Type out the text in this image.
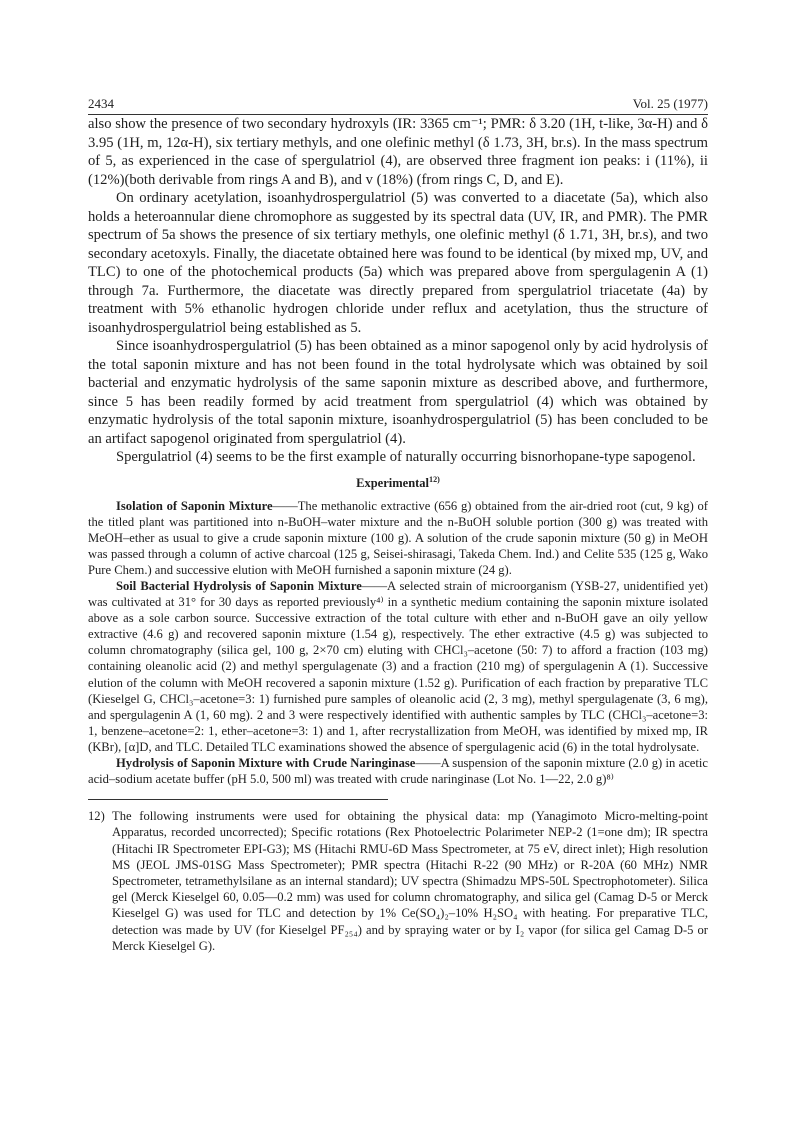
2434	Vol. 25 (1977)

also show the presence of two secondary hydroxyls (IR: 3365 cm⁻¹; PMR: δ 3.20 (1H, t-like, 3α-H) and δ 3.95 (1H, m, 12α-H), six tertiary methyls, and one olefinic methyl (δ 1.73, 3H, br.s). In the mass spectrum of 5, as experienced in the case of spergulatriol (4), are observed three fragment ion peaks: i (11%), ii (12%)(both derivable from rings A and B), and v (18%) (from rings C, D, and E).

On ordinary acetylation, isoanhydrospergulatriol (5) was converted to a diacetate (5a), which also holds a heteroannular diene chromophore as suggested by its spectral data (UV, IR, and PMR). The PMR spectrum of 5a shows the presence of six tertiary methyls, one olefinic methyl (δ 1.71, 3H, br.s), and two secondary acetoxyls. Finally, the diacetate obtained here was found to be identical (by mixed mp, UV, and TLC) to one of the photochemical products (5a) which was prepared above from spergulagenin A (1) through 7a. Furthermore, the diacetate was directly prepared from spergulatriol triacetate (4a) by treatment with 5% ethanolic hydrogen chloride under reflux and acetylation, thus the structure of isoanhydrospergulatriol being established as 5.

Since isoanhydrospergulatriol (5) has been obtained as a minor sapogenol only by acid hydrolysis of the total saponin mixture and has not been found in the total hydrolysate which was obtained by soil bacterial and enzymatic hydrolysis of the same saponin mixture as described above, and furthermore, since 5 has been readily formed by acid treatment from spergulatriol (4) which was obtained by enzymatic hydrolysis of the total saponin mixture, isoanhydrospergulatriol (5) has been concluded to be an artifact sapogenol originated from spergulatriol (4).

Spergulatriol (4) seems to be the first example of naturally occurring bisnorhopane-type sapogenol.

Experimental$^{12)}$

Isolation of Saponin Mixture——The methanolic extractive (656 g) obtained from the air-dried root (cut, 9 kg) of the titled plant was partitioned into n-BuOH–water mixture and the n-BuOH soluble portion (300 g) was treated with MeOH–ether as usual to give a crude saponin mixture (100 g). A solution of the crude saponin mixture (50 g) in MeOH was passed through a column of active charcoal (125 g, Seisei-shirasagi, Takeda Chem. Ind.) and Celite 535 (125 g, Wako Pure Chem.) and successive elution with MeOH furnished a saponin mixture (24 g).

Soil Bacterial Hydrolysis of Saponin Mixture——A selected strain of microorganism (YSB-27, unidentified yet) was cultivated at 31° for 30 days as reported previously⁴⁾ in a synthetic medium containing the saponin mixture isolated above as a sole carbon source. Successive extraction of the total culture with ether and n-BuOH gave an oily yellow extractive (4.6 g) and recovered saponin mixture (1.54 g), respectively. The ether extractive (4.5 g) was subjected to column chromatography (silica gel, 100 g, 2×70 cm) eluting with CHCl₃–acetone (50: 7) to afford a fraction (103 mg) containing oleanolic acid (2) and methyl spergulagenate (3) and a fraction (210 mg) of spergulagenin A (1). Successive elution of the column with MeOH recovered a saponin mixture (1.52 g). Purification of each fraction by preparative TLC (Kieselgel G, CHCl₃–acetone=3: 1) furnished pure samples of oleanolic acid (2, 3 mg), methyl spergulagenate (3, 6 mg), and spergulagenin A (1, 60 mg). 2 and 3 were respectively identified with authentic samples by TLC (CHCl₃–acetone=3: 1, benzene–acetone=2: 1, ether–acetone=3: 1) and 1, after recrystallization from MeOH, was identified by mixed mp, IR (KBr), [α]D, and TLC. Detailed TLC examinations showed the absence of spergulagenic acid (6) in the total hydrolysate.

Hydrolysis of Saponin Mixture with Crude Naringinase——A suspension of the saponin mixture (2.0 g) in acetic acid–sodium acetate buffer (pH 5.0, 500 ml) was treated with crude naringinase (Lot No. 1—22, 2.0 g)⁸⁾

12) The following instruments were used for obtaining the physical data: mp (Yanagimoto Micro-melting-point Apparatus, recorded uncorrected); Specific rotations (Rex Photoelectric Polarimeter NEP-2 (1=one dm); IR spectra (Hitachi IR Spectrometer EPI-G3); MS (Hitachi RMU-6D Mass Spectrometer, at 75 eV, direct inlet); High resolution MS (JEOL JMS-01SG Mass Spectrometer); PMR spectra (Hitachi R-22 (90 MHz) or R-20A (60 MHz) NMR Spectrometer, tetramethylsilane as an internal standard); UV spectra (Shimadzu MPS-50L Spectrophotometer). Silica gel (Merck Kieselgel 60, 0.05—0.2 mm) was used for column chromatography, and silica gel (Camag D-5 or Merck Kieselgel G) was used for TLC and detection by 1% Ce(SO₄)₂–10% H₂SO₄ with heating. For preparative TLC, detection was made by UV (for Kieselgel PF₂₅₄) and by spraying water or by I₂ vapor (for silica gel Camag D-5 or Merck Kieselgel G).
